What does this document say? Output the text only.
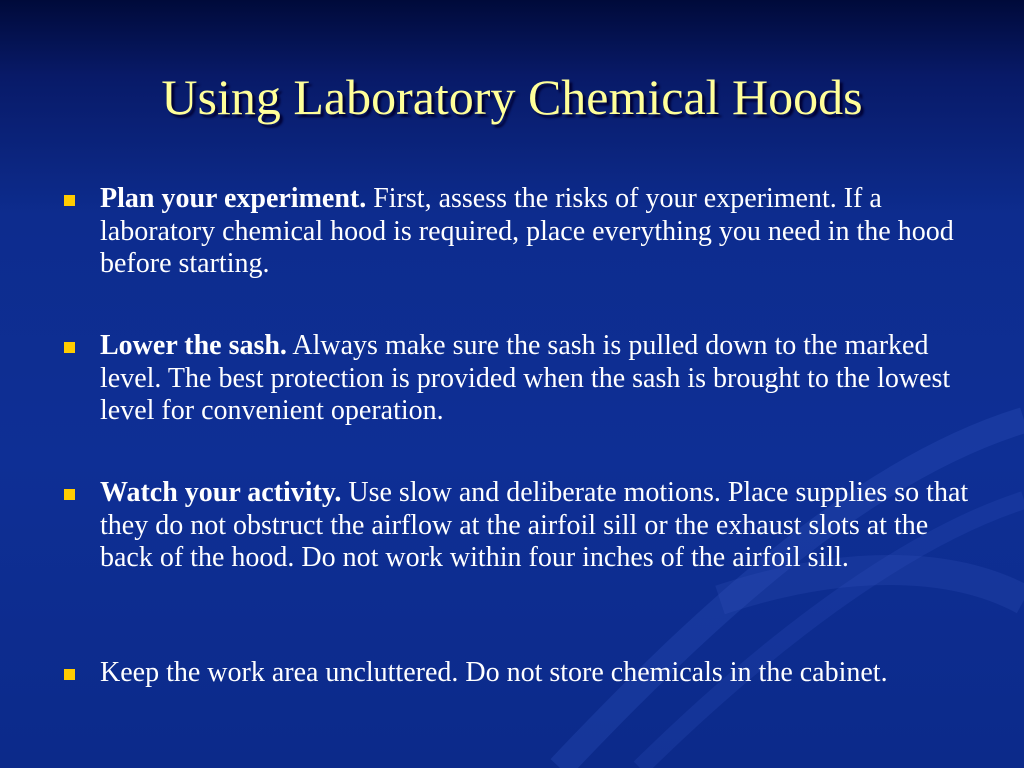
Using Laboratory Chemical Hoods
Plan your experiment. First, assess the risks of your experiment. If a laboratory chemical hood is required, place everything you need in the hood before starting.
Lower the sash. Always make sure the sash is pulled down to the marked level. The best protection is provided when the sash is brought to the lowest level for convenient operation.
Watch your activity. Use slow and deliberate motions. Place supplies so that they do not obstruct the airflow at the airfoil sill or the exhaust slots at the back of the hood. Do not work within four inches of the airfoil sill.
Keep the work area uncluttered. Do not store chemicals in the cabinet.
